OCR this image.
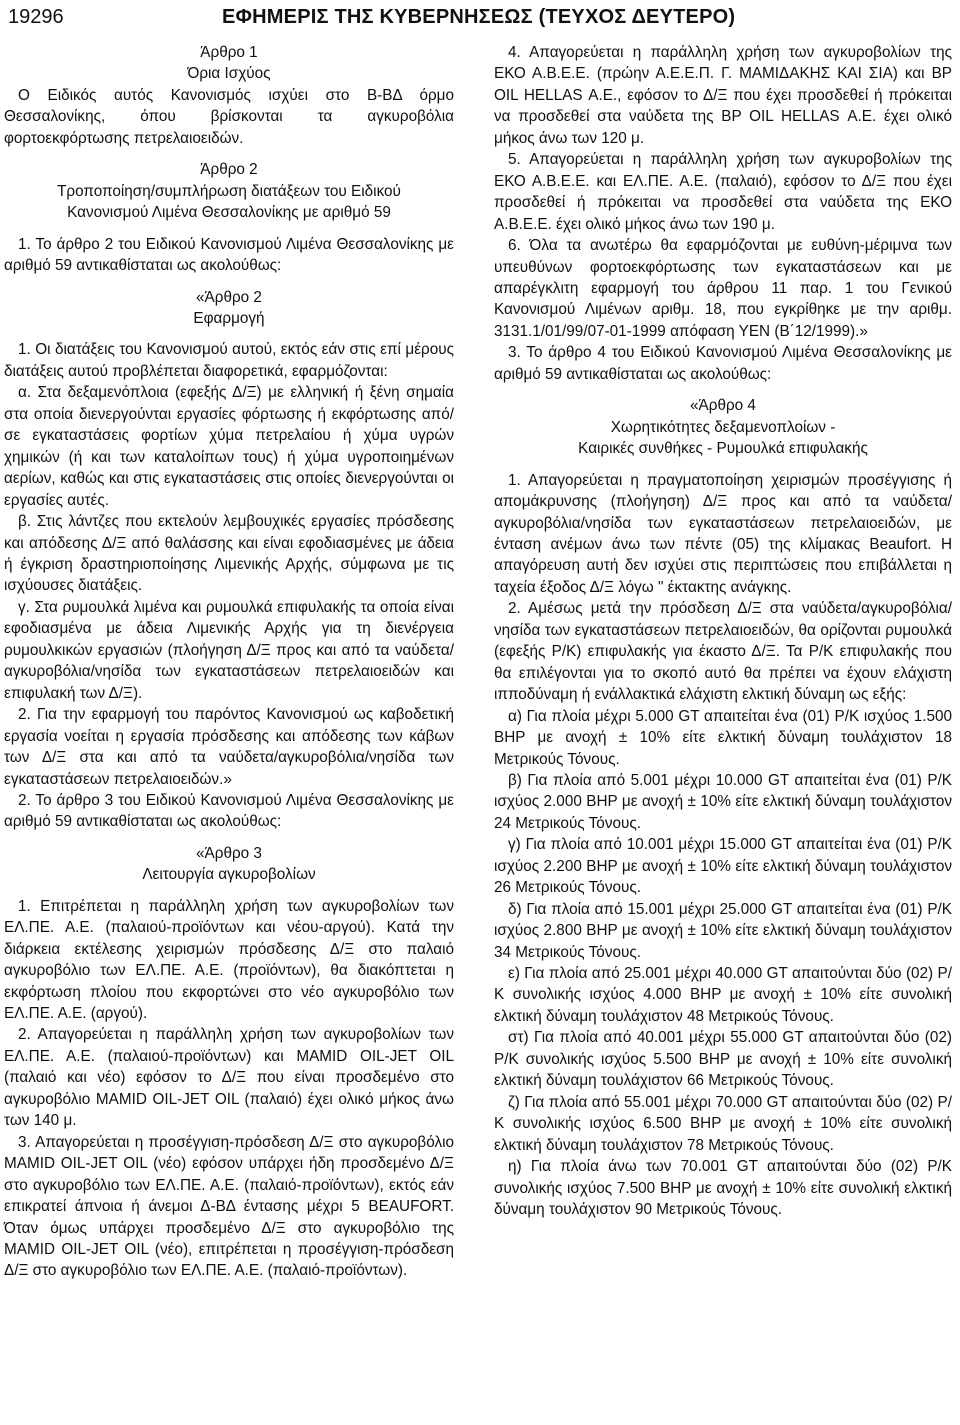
19296	ΕΦΗΜΕΡΙΣ ΤΗΣ ΚΥΒΕΡΝΗΣΕΩΣ (ΤΕΥΧΟΣ ΔΕΥΤΕΡΟ)

Άρθρο 1

Όρια Ισχύος

Ο Ειδικός αυτός Κανονισμός ισχύει στο Β-ΒΔ όρμο Θεσσαλονίκης, όπου βρίσκονται τα αγκυροβόλια φορτοεκφόρτωσης πετρελαιοειδών.

Άρθρο 2

Τροποποίηση/συμπλήρωση διατάξεων του Ειδικού

Κανονισμού Λιμένα Θεσσαλονίκης με αριθμό 59

1. Το άρθρο 2 του Ειδικού Κανονισμού Λιμένα Θεσσαλονίκης με αριθμό 59 αντικαθίσταται ως ακολούθως:

«Άρθρο 2

Εφαρμογή

1. Οι διατάξεις του Κανονισμού αυτού, εκτός εάν στις επί μέρους διατάξεις αυτού προβλέπεται διαφορετικά, εφαρμόζονται:

α. Στα δεξαμενόπλοια (εφεξής Δ/Ξ) με ελληνική ή ξένη σημαία στα οποία διενεργούνται εργασίες φόρτωσης ή εκφόρτωσης από/σε εγκαταστάσεις φορτίων χύμα πετρελαίου ή χύμα υγρών χημικών (ή και των καταλοίπων τους) ή χύμα υγροποιημένων αερίων, καθώς και στις εγκαταστάσεις στις οποίες διενεργούνται οι εργασίες αυτές.

β. Στις λάντζες που εκτελούν λεμβουχικές εργασίες πρόσδεσης και απόδεσης Δ/Ξ από θαλάσσης και είναι εφοδιασμένες με άδεια ή έγκριση δραστηριοποίησης Λιμενικής Αρχής, σύμφωνα με τις ισχύουσες διατάξεις.

γ. Στα ρυμουλκά λιμένα και ρυμουλκά επιφυλακής τα οποία είναι εφοδιασμένα με άδεια Λιμενικής Αρχής για τη διενέργεια ρυμουλκικών εργασιών (πλοήγηση Δ/Ξ προς και από τα ναύδετα/αγκυροβόλια/νησίδα των εγκαταστάσεων πετρελαιοειδών και επιφυλακή των Δ/Ξ).

2. Για την εφαρμογή του παρόντος Κανονισμού ως καβοδετική εργασία νοείται η εργασία πρόσδεσης και απόδεσης των κάβων των Δ/Ξ στα και από τα ναύδετα/αγκυροβόλια/νησίδα των εγκαταστάσεων πετρελαιοειδών.»

2. Το άρθρο 3 του Ειδικού Κανονισμού Λιμένα Θεσσαλονίκης με αριθμό 59 αντικαθίσταται ως ακολούθως:

«Άρθρο 3

Λειτουργία αγκυροβολίων

1. Επιτρέπεται η παράλληλη χρήση των αγκυροβολίων των ΕΛ.ΠΕ. Α.Ε. (παλαιού-προϊόντων και νέου-αργού). Κατά την διάρκεια εκτέλεσης χειρισμών πρόσδεσης Δ/Ξ στο παλαιό αγκυροβόλιο των ΕΛ.ΠΕ. Α.Ε. (προϊόντων), θα διακόπτεται η εκφόρτωση πλοίου που εκφορτώνει στο νέο αγκυροβόλιο των ΕΛ.ΠΕ. Α.Ε. (αργού).

2. Απαγορεύεται η παράλληλη χρήση των αγκυροβολίων των ΕΛ.ΠΕ. Α.Ε. (παλαιού-προϊόντων) και MAMID OIL-JET OIL (παλαιό και νέο) εφόσον το Δ/Ξ που είναι προσδεμένο στο αγκυροβόλιο MAMID OIL-JET OIL (παλαιό) έχει ολικό μήκος άνω των 140 μ.

3. Απαγορεύεται η προσέγγιση-πρόσδεση Δ/Ξ στο αγκυροβόλιο MAMID OIL-JET OIL (νέο) εφόσον υπάρχει ήδη προσδεμένο Δ/Ξ στο αγκυροβόλιο των ΕΛ.ΠΕ. Α.Ε. (παλαιό-προϊόντων), εκτός εάν επικρατεί άπνοια ή άνεμοι Δ-ΒΔ έντασης μέχρι 5 BEAUFORT. Όταν όμως υπάρχει προσδεμένο Δ/Ξ στο αγκυροβόλιο της MAMID OIL-JET OIL (νέο), επιτρέπεται η προσέγγιση-πρόσδεση Δ/Ξ στο αγκυροβόλιο των ΕΛ.ΠΕ. Α.Ε. (παλαιό-προϊόντων).

4. Απαγορεύεται η παράλληλη χρήση των αγκυροβολίων της ΕΚΟ Α.Β.Ε.Ε. (πρώην Α.Ε.Ε.Π. Γ. ΜΑΜΙΔΑΚΗΣ ΚΑΙ ΣΙΑ) και BP OIL HELLAS Α.Ε., εφόσον το Δ/Ξ που έχει προσδεθεί ή πρόκειται να προσδεθεί στα ναύδετα της BP OIL HELLAS Α.Ε. έχει ολικό μήκος άνω των 120 μ.

5. Απαγορεύεται η παράλληλη χρήση των αγκυροβολίων της ΕΚΟ Α.Β.Ε.Ε. και ΕΛ.ΠΕ. Α.Ε. (παλαιό), εφόσον το Δ/Ξ που έχει προσδεθεί ή πρόκειται να προσδεθεί στα ναύδετα της ΕΚΟ Α.Β.Ε.Ε. έχει ολικό μήκος άνω των 190 μ.

6. Όλα τα ανωτέρω θα εφαρμόζονται με ευθύνη-μέριμνα των υπευθύνων φορτοεκφόρτωσης των εγκαταστάσεων και με απαρέγκλιτη εφαρμογή του άρθρου 11 παρ. 1 του Γενικού Κανονισμού Λιμένων αριθμ. 18, που εγκρίθηκε με την αριθμ. 3131.1/01/99/07-01-1999 απόφαση ΥΕΝ (Β΄12/1999).»

3. Το άρθρο 4 του Ειδικού Κανονισμού Λιμένα Θεσσαλονίκης με αριθμό 59 αντικαθίσταται ως ακολούθως:

«Άρθρο 4

Χωρητικότητες δεξαμενοπλοίων -

Καιρικές συνθήκες - Ρυμουλκά επιφυλακής

1. Απαγορεύεται η πραγματοποίηση χειρισμών προσέγγισης ή απομάκρυνσης (πλοήγηση) Δ/Ξ προς και από τα ναύδετα/αγκυροβόλια/νησίδα των εγκαταστάσεων πετρελαιοειδών, με ένταση ανέμων άνω των πέντε (05) της κλίμακας Beaufort. Η απαγόρευση αυτή δεν ισχύει στις περιπτώσεις που επιβάλλεται η ταχεία έξοδος Δ/Ξ λόγω " έκτακτης ανάγκης.

2. Αμέσως μετά την πρόσδεση Δ/Ξ στα ναύδετα/αγκυροβόλια/νησίδα των εγκαταστάσεων πετρελαιοειδών, θα ορίζονται ρυμουλκά (εφεξής Ρ/Κ) επιφυλακής για έκαστο Δ/Ξ. Τα Ρ/Κ επιφυλακής που θα επιλέγονται για το σκοπό αυτό θα πρέπει να έχουν ελάχιστη ιπποδύναμη ή ενάλλακτικά ελάχιστη ελκτική δύναμη ως εξής:

α) Για πλοία μέχρι 5.000 GT απαιτείται ένα (01) Ρ/Κ ισχύος 1.500 BHP με ανοχή ± 10% είτε ελκτική δύναμη τουλάχιστον 18 Μετρικούς Τόνους.

β) Για πλοία από 5.001 μέχρι 10.000 GT απαιτείται ένα (01) Ρ/Κ ισχύος 2.000 BHP με ανοχή ± 10% είτε ελκτική δύναμη τουλάχιστον 24 Μετρικούς Τόνους.

γ) Για πλοία από 10.001 μέχρι 15.000 GT απαιτείται ένα (01) Ρ/Κ ισχύος 2.200 BHP με ανοχή ± 10% είτε ελκτική δύναμη τουλάχιστον 26 Μετρικούς Τόνους.

δ) Για πλοία από 15.001 μέχρι 25.000 GT απαιτείται ένα (01) Ρ/Κ ισχύος 2.800 BHP με ανοχή ± 10% είτε ελκτική δύναμη τουλάχιστον 34 Μετρικούς Τόνους.

ε) Για πλοία από 25.001 μέχρι 40.000 GT απαιτούνται δύο (02) Ρ/Κ συνολικής ισχύος 4.000 BHP με ανοχή ± 10% είτε συνολική ελκτική δύναμη τουλάχιστον 48 Μετρικούς Τόνους.

στ) Για πλοία από 40.001 μέχρι 55.000 GT απαιτούνται δύο (02) Ρ/Κ συνολικής ισχύος 5.500 BHP με ανοχή ± 10% είτε συνολική ελκτική δύναμη τουλάχιστον 66 Μετρικούς Τόνους.

ζ) Για πλοία από 55.001 μέχρι 70.000 GT απαιτούνται δύο (02) Ρ/Κ συνολικής ισχύος 6.500 BHP με ανοχή ± 10% είτε συνολική ελκτική δύναμη τουλάχιστον 78 Μετρικούς Τόνους.

η) Για πλοία άνω των 70.001 GT απαιτούνται δύο (02) Ρ/Κ συνολικής ισχύος 7.500 BHP με ανοχή ± 10% είτε συνολική ελκτική δύναμη τουλάχιστον 90 Μετρικούς Τόνους.
